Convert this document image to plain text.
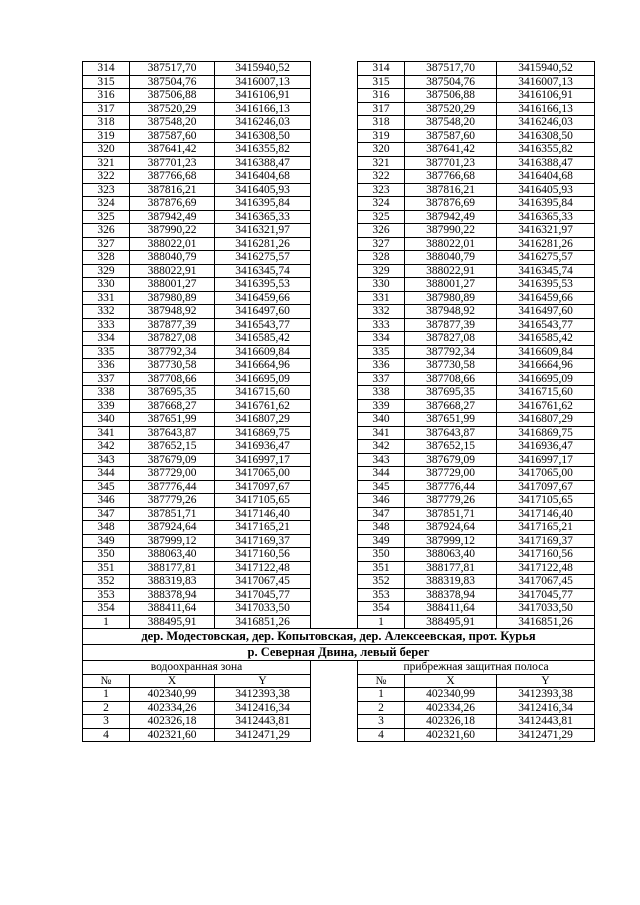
314	387517,70	3415940,52		314	387517,70	3415940,52
315	387504,76	3416007,13		315	387504,76	3416007,13
316	387506,88	3416106,91		316	387506,88	3416106,91
317	387520,29	3416166,13		317	387520,29	3416166,13
318	387548,20	3416246,03		318	387548,20	3416246,03
319	387587,60	3416308,50		319	387587,60	3416308,50
320	387641,42	3416355,82		320	387641,42	3416355,82
321	387701,23	3416388,47		321	387701,23	3416388,47
322	387766,68	3416404,68		322	387766,68	3416404,68
323	387816,21	3416405,93		323	387816,21	3416405,93
324	387876,69	3416395,84		324	387876,69	3416395,84
325	387942,49	3416365,33		325	387942,49	3416365,33
326	387990,22	3416321,97		326	387990,22	3416321,97
327	388022,01	3416281,26		327	388022,01	3416281,26
328	388040,79	3416275,57		328	388040,79	3416275,57
329	388022,91	3416345,74		329	388022,91	3416345,74
330	388001,27	3416395,53		330	388001,27	3416395,53
331	387980,89	3416459,66		331	387980,89	3416459,66
332	387948,92	3416497,60		332	387948,92	3416497,60
333	387877,39	3416543,77		333	387877,39	3416543,77
334	387827,08	3416585,42		334	387827,08	3416585,42
335	387792,34	3416609,84		335	387792,34	3416609,84
336	387730,58	3416664,96		336	387730,58	3416664,96
337	387708,66	3416695,09		337	387708,66	3416695,09
338	387695,35	3416715,60		338	387695,35	3416715,60
339	387668,27	3416761,62		339	387668,27	3416761,62
340	387651,99	3416807,29		340	387651,99	3416807,29
341	387643,87	3416869,75		341	387643,87	3416869,75
342	387652,15	3416936,47		342	387652,15	3416936,47
343	387679,09	3416997,17		343	387679,09	3416997,17
344	387729,00	3417065,00		344	387729,00	3417065,00
345	387776,44	3417097,67		345	387776,44	3417097,67
346	387779,26	3417105,65		346	387779,26	3417105,65
347	387851,71	3417146,40		347	387851,71	3417146,40
348	387924,64	3417165,21		348	387924,64	3417165,21
349	387999,12	3417169,37		349	387999,12	3417169,37
350	388063,40	3417160,56		350	388063,40	3417160,56
351	388177,81	3417122,48		351	388177,81	3417122,48
352	388319,83	3417067,45		352	388319,83	3417067,45
353	388378,94	3417045,77		353	388378,94	3417045,77
354	388411,64	3417033,50		354	388411,64	3417033,50
1	388495,91	3416851,26		1	388495,91	3416851,26
дер. Модестовская, дер. Копытовская, дер. Алексеевская, прот. Курья						
р. Северная Двина, левый берег						
водоохранная зона				прибрежная защитная полоса		
№	X	Y		№	X	Y
1	402340,99	3412393,38		1	402340,99	3412393,38
2	402334,26	3412416,34		2	402334,26	3412416,34
3	402326,18	3412443,81		3	402326,18	3412443,81
4	402321,60	3412471,29		4	402321,60	3412471,29
